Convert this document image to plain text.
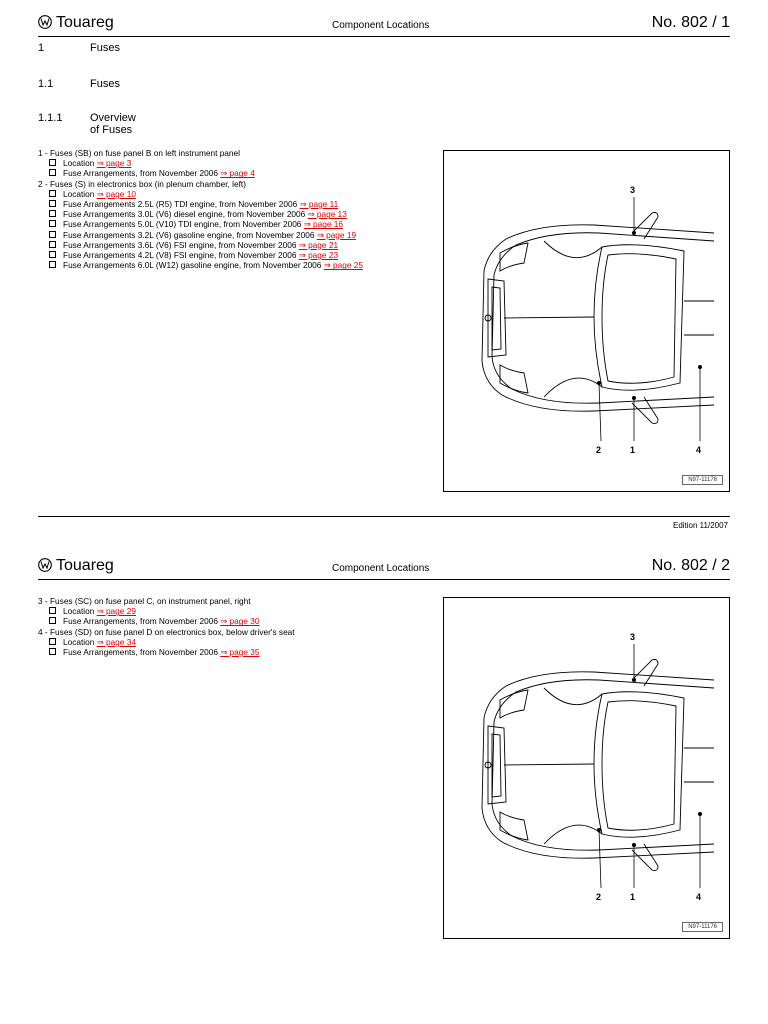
Touareg	Component Locations	No. 802 / 1
1	Fuses
1.1	Fuses
1.1.1	Overview of Fuses
1 - Fuses (SB) on fuse panel B on left instrument panel
Location ⇒ page 3
Fuse Arrangements, from November 2006 ⇒ page 4
2 - Fuses (S) in electronics box (in plenum chamber, left)
Location ⇒ page 10
Fuse Arrangements 2.5L (R5) TDI engine, from November 2006 ⇒ page 11
Fuse Arrangements 3.0L (V6) diesel engine, from November 2006 ⇒ page 13
Fuse Arrangements 5.0L (V10) TDI engine, from November 2006 ⇒ page 16
Fuse Arrangements 3.2L (V6) gasoline engine, from November 2006 ⇒ page 19
Fuse Arrangements 3.6L (V6) FSI engine, from November 2006 ⇒ page 21
Fuse Arrangements 4.2L (V8) FSI engine, from November 2006 ⇒ page 23
Fuse Arrangements 6.0L (W12) gasoline engine, from November 2006 ⇒ page 25
3
2	1	4
N97-11176
Edition 11/2007
Touareg	Component Locations	No. 802 / 2
3 - Fuses (SC) on fuse panel C, on instrument panel, right
Location ⇒ page 29
Fuse Arrangements, from November 2006 ⇒ page 30
4 - Fuses (SD) on fuse panel D on electronics box, below driver's seat
Location ⇒ page 34
Fuse Arrangements, from November 2006 ⇒ page 35
3
2	1	4
N97-11176
